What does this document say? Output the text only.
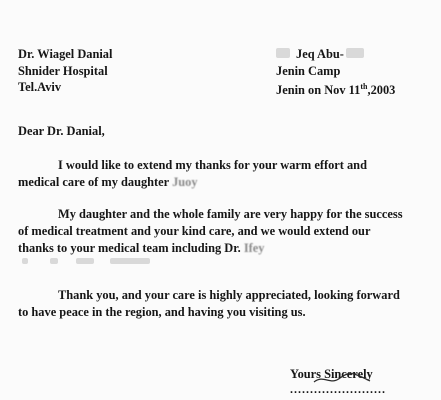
Dr. Wiagel Danial
Shnider Hospital
Tel.Aviv
Jeq Abu-
Jenin Camp
Jenin on Nov 11th,2003
Dear Dr. Danial,
I would like to extend my thanks for your warm effort and medical care of my daughter Juoy
My daughter and the whole family are very happy for the success of medical treatment and your kind care, and we would extend our thanks to your medical team including Dr. Ifey
Thank you, and your care is highly appreciated, looking forward to have peace in the region, and having you visiting us.
Yours Sincerely
........................
